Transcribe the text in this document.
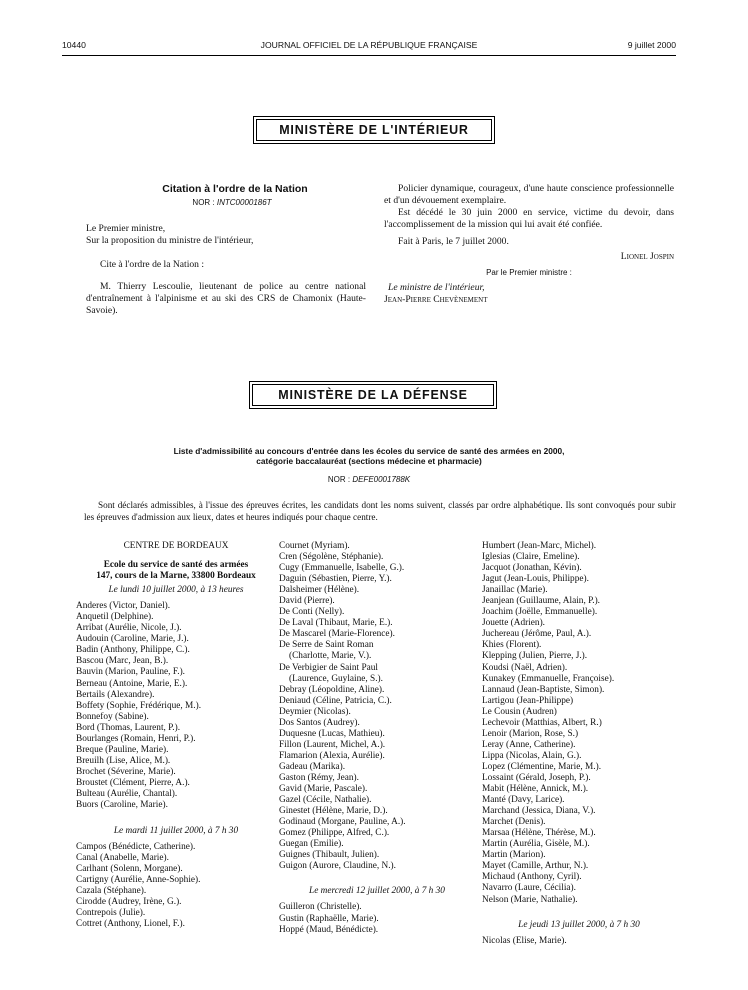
10440	JOURNAL OFFICIEL DE LA RÉPUBLIQUE FRANÇAISE	9 juillet 2000
MINISTÈRE DE L'INTÉRIEUR

Citation à l'ordre de la Nation

NOR : INTC0000186T

Le Premier ministre,

Sur la proposition du ministre de l'intérieur,

Cite à l'ordre de la Nation :

M. Thierry Lescoulie, lieutenant de police au centre national d'entraînement à l'alpinisme et au ski des CRS de Chamonix (Haute-Savoie).

Policier dynamique, courageux, d'une haute conscience professionnelle et d'un dévouement exemplaire.

Est décédé le 30 juin 2000 en service, victime du devoir, dans l'accomplissement de la mission qui lui avait été confiée.

Fait à Paris, le 7 juillet 2000.

Lionel Jospin

Par le Premier ministre :

Le ministre de l'intérieur,

Jean-Pierre Chevènement

MINISTÈRE DE LA DÉFENSE

Liste d'admissibilité au concours d'entrée dans les écoles du service de santé des armées en 2000,

catégorie baccalauréat (sections médecine et pharmacie)

NOR : DEFE0001788K

Sont déclarés admissibles, à l'issue des épreuves écrites, les candidats dont les noms suivent, classés par ordre alphabétique. Ils sont convoqués pour subir les épreuves d'admission aux lieux, dates et heures indiqués pour chaque centre.

CENTRE DE BORDEAUX
Ecole du service de santé des armées
147, cours de la Marne, 33800 Bordeaux
Le lundi 10 juillet 2000, à 13 heures
Anderes (Victor, Daniel).
Anquetil (Delphine).
Arribat (Aurélie, Nicole, J.).
Audouin (Caroline, Marie, J.).
Badin (Anthony, Philippe, C.).
Bascou (Marc, Jean, B.).
Bauvin (Marion, Pauline, F.).
Berneau (Antoine, Marie, E.).
Bertails (Alexandre).
Boffety (Sophie, Frédérique, M.).
Bonnefoy (Sabine).
Bord (Thomas, Laurent, P.).
Bourlanges (Romain, Henri, P.).
Breque (Pauline, Marie).
Breuilh (Lise, Alice, M.).
Brochet (Séverine, Marie).
Broustet (Clément, Pierre, A.).
Bulteau (Aurélie, Chantal).
Buors (Caroline, Marie).
Le mardi 11 juillet 2000, à 7 h 30
Campos (Bénédicte, Catherine).
Canal (Anabelle, Marie).
Carlhant (Solenn, Morgane).
Cartigny (Aurélie, Anne-Sophie).
Cazala (Stéphane).
Cirodde (Audrey, Irène, G.).
Contrepois (Julie).
Cottret (Anthony, Lionel, F.).
Cournet (Myriam).
Cren (Ségolène, Stéphanie).
Cugy (Emmanuelle, Isabelle, G.).
Daguin (Sébastien, Pierre, Y.).
Dalsheimer (Hélène).
David (Pierre).
De Conti (Nelly).
De Laval (Thibaut, Marie, E.).
De Mascarel (Marie-Florence).
De Serre de Saint Roman
(Charlotte, Marie, V.).
De Verbigier de Saint Paul
(Laurence, Guylaine, S.).
Debray (Léopoldine, Aline).
Deniaud (Céline, Patricia, C.).
Deymier (Nicolas).
Dos Santos (Audrey).
Duquesne (Lucas, Mathieu).
Fillon (Laurent, Michel, A.).
Flamarion (Alexia, Aurélie).
Gadeau (Marika).
Gaston (Rémy, Jean).
Gavid (Marie, Pascale).
Gazel (Cécile, Nathalie).
Ginestet (Hélène, Marie, D.).
Godinaud (Morgane, Pauline, A.).
Gomez (Philippe, Alfred, C.).
Guegan (Emilie).
Guignes (Thibault, Julien).
Guigon (Aurore, Claudine, N.).
Le mercredi 12 juillet 2000, à 7 h 30
Guilleron (Christelle).
Gustin (Raphaëlle, Marie).
Hoppé (Maud, Bénédicte).
Humbert (Jean-Marc, Michel).
Iglesias (Claire, Emeline).
Jacquot (Jonathan, Kévin).
Jagut (Jean-Louis, Philippe).
Janaillac (Marie).
Jeanjean (Guillaume, Alain, P.).
Joachim (Joëlle, Emmanuelle).
Jouette (Adrien).
Juchereau (Jérôme, Paul, A.).
Khies (Florent).
Klepping (Julien, Pierre, J.).
Koudsi (Naël, Adrien).
Kunakey (Emmanuelle, Françoise).
Lannaud (Jean-Baptiste, Simon).
Lartigou (Jean-Philippe)
Le Cousin (Audren)
Lechevoir (Matthias, Albert, R.)
Lenoir (Marion, Rose, S.)
Leray (Anne, Catherine).
Lippa (Nicolas, Alain, G.).
Lopez (Clémentine, Marie, M.).
Lossaint (Gérald, Joseph, P.).
Mabit (Hélène, Annick, M.).
Manté (Davy, Larice).
Marchand (Jessica, Diana, V.).
Marchet (Denis).
Marsaa (Hélène, Thérèse, M.).
Martin (Aurélia, Gisèle, M.).
Martin (Marion).
Mayet (Camille, Arthur, N.).
Michaud (Anthony, Cyril).
Navarro (Laure, Cécilia).
Nelson (Marie, Nathalie).
Le jeudi 13 juillet 2000, à 7 h 30
Nicolas (Elise, Marie).
